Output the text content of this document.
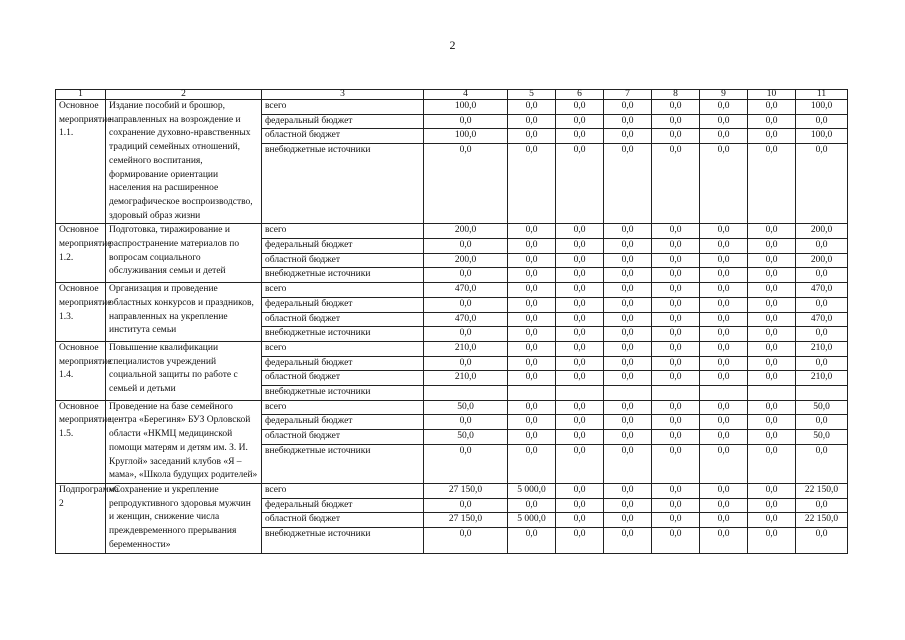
2
1	2	3	4	5	6	7	8	9	10	11
Основное мероприятие 1.1.	Издание пособий и брошюр, направленных на возрождение и сохранение духовно-нравственных традиций семейных отношений, семейного воспитания, формирование ориентации населения на расширенное демографическое воспроизводство, здоровый образ жизни	всего	100,0	0,0	0,0	0,0	0,0	0,0	0,0	100,0
		федеральный бюджет	0,0	0,0	0,0	0,0	0,0	0,0	0,0	0,0
		областной бюджет	100,0	0,0	0,0	0,0	0,0	0,0	0,0	100,0
		внебюджетные источники	0,0	0,0	0,0	0,0	0,0	0,0	0,0	0,0
Основное мероприятие 1.2.	Подготовка, тиражирование и распространение материалов по вопросам социального обслуживания семьи и детей	всего	200,0	0,0	0,0	0,0	0,0	0,0	0,0	200,0
		федеральный бюджет	0,0	0,0	0,0	0,0	0,0	0,0	0,0	0,0
		областной бюджет	200,0	0,0	0,0	0,0	0,0	0,0	0,0	200,0
		внебюджетные источники	0,0	0,0	0,0	0,0	0,0	0,0	0,0	0,0
Основное мероприятие 1.3.	Организация и проведение областных конкурсов и праздников, направленных на укрепление института семьи	всего	470,0	0,0	0,0	0,0	0,0	0,0	0,0	470,0
		федеральный бюджет	0,0	0,0	0,0	0,0	0,0	0,0	0,0	0,0
		областной бюджет	470,0	0,0	0,0	0,0	0,0	0,0	0,0	470,0
		внебюджетные источники	0,0	0,0	0,0	0,0	0,0	0,0	0,0	0,0
Основное мероприятие 1.4.	Повышение квалификации специалистов учреждений социальной защиты по работе с семьей и детьми	всего	210,0	0,0	0,0	0,0	0,0	0,0	0,0	210,0
		федеральный бюджет	0,0	0,0	0,0	0,0	0,0	0,0	0,0	0,0
		областной бюджет	210,0	0,0	0,0	0,0	0,0	0,0	0,0	210,0
		внебюджетные источники								
Основное мероприятие 1.5.	Проведение на базе семейного центра «Берегиня» БУЗ Орловской области «НКМЦ медицинской помощи матерям и детям им. З. И. Круглой» заседаний клубов «Я – мама», «Школа будущих родителей»	всего	50,0	0,0	0,0	0,0	0,0	0,0	0,0	50,0
		федеральный бюджет	0,0	0,0	0,0	0,0	0,0	0,0	0,0	0,0
		областной бюджет	50,0	0,0	0,0	0,0	0,0	0,0	0,0	50,0
		внебюджетные источники	0,0	0,0	0,0	0,0	0,0	0,0	0,0	0,0
Подпрограмма 2	«Сохранение и укрепление репродуктивного здоровья мужчин и женщин, снижение числа преждевременного прерывания беременности»	всего	27 150,0	5 000,0	0,0	0,0	0,0	0,0	0,0	22 150,0
		федеральный бюджет	0,0	0,0	0,0	0,0	0,0	0,0	0,0	0,0
		областной бюджет	27 150,0	5 000,0	0,0	0,0	0,0	0,0	0,0	22 150,0
		внебюджетные источники	0,0	0,0	0,0	0,0	0,0	0,0	0,0	0,0
